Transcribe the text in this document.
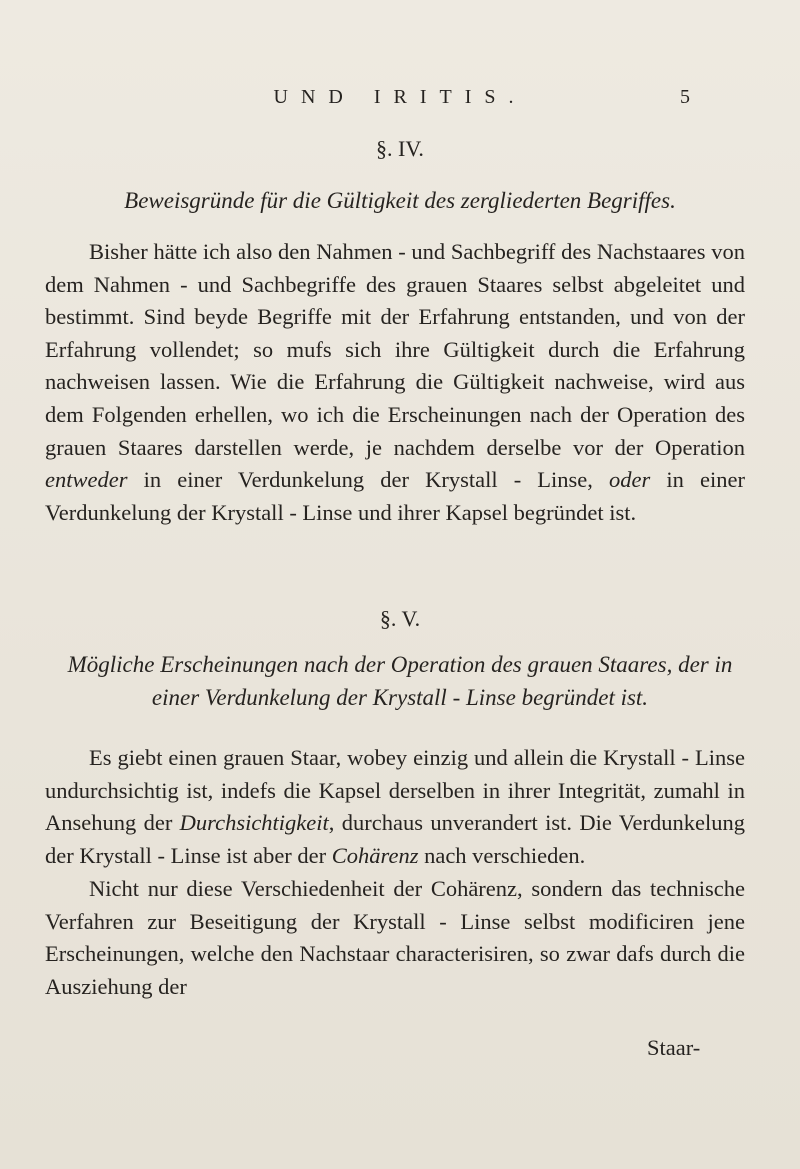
UND IRITIS.	5
§. IV.
Beweisgründe für die Gültigkeit des zergliederten Begriffes.

Bisher hätte ich also den Nahmen - und Sachbegriff des Nachstaares von dem Nahmen - und Sachbegriffe des grauen Staares selbst abgeleitet und bestimmt. Sind beyde Begriffe mit der Erfahrung entstanden, und von der Erfahrung vollendet; so mufs sich ihre Gültigkeit durch die Erfahrung nachweisen lassen. Wie die Erfahrung die Gültigkeit nachweise, wird aus dem Folgenden erhellen, wo ich die Erscheinungen nach der Operation des grauen Staares darstellen werde, je nachdem derselbe vor der Operation entweder in einer Verdunkelung der Krystall - Linse, oder in einer Verdunkelung der Krystall - Linse und ihrer Kapsel begründet ist.

§. V.
Mögliche Erscheinungen nach der Operation des grauen Staares, der in einer Verdunkelung der Krystall - Linse begründet ist.

Es giebt einen grauen Staar, wobey einzig und allein die Krystall - Linse undurchsichtig ist, indefs die Kapsel derselben in ihrer Integrität, zumahl in Ansehung der Durchsichtigkeit, durchaus unverandert ist. Die Verdunkelung der Krystall - Linse ist aber der Cohärenz nach verschieden.

Nicht nur diese Verschiedenheit der Cohärenz, sondern das technische Verfahren zur Beseitigung der Krystall - Linse selbst modificiren jene Erscheinungen, welche den Nachstaar characterisiren, so zwar dafs durch die Ausziehung der

Staar-
